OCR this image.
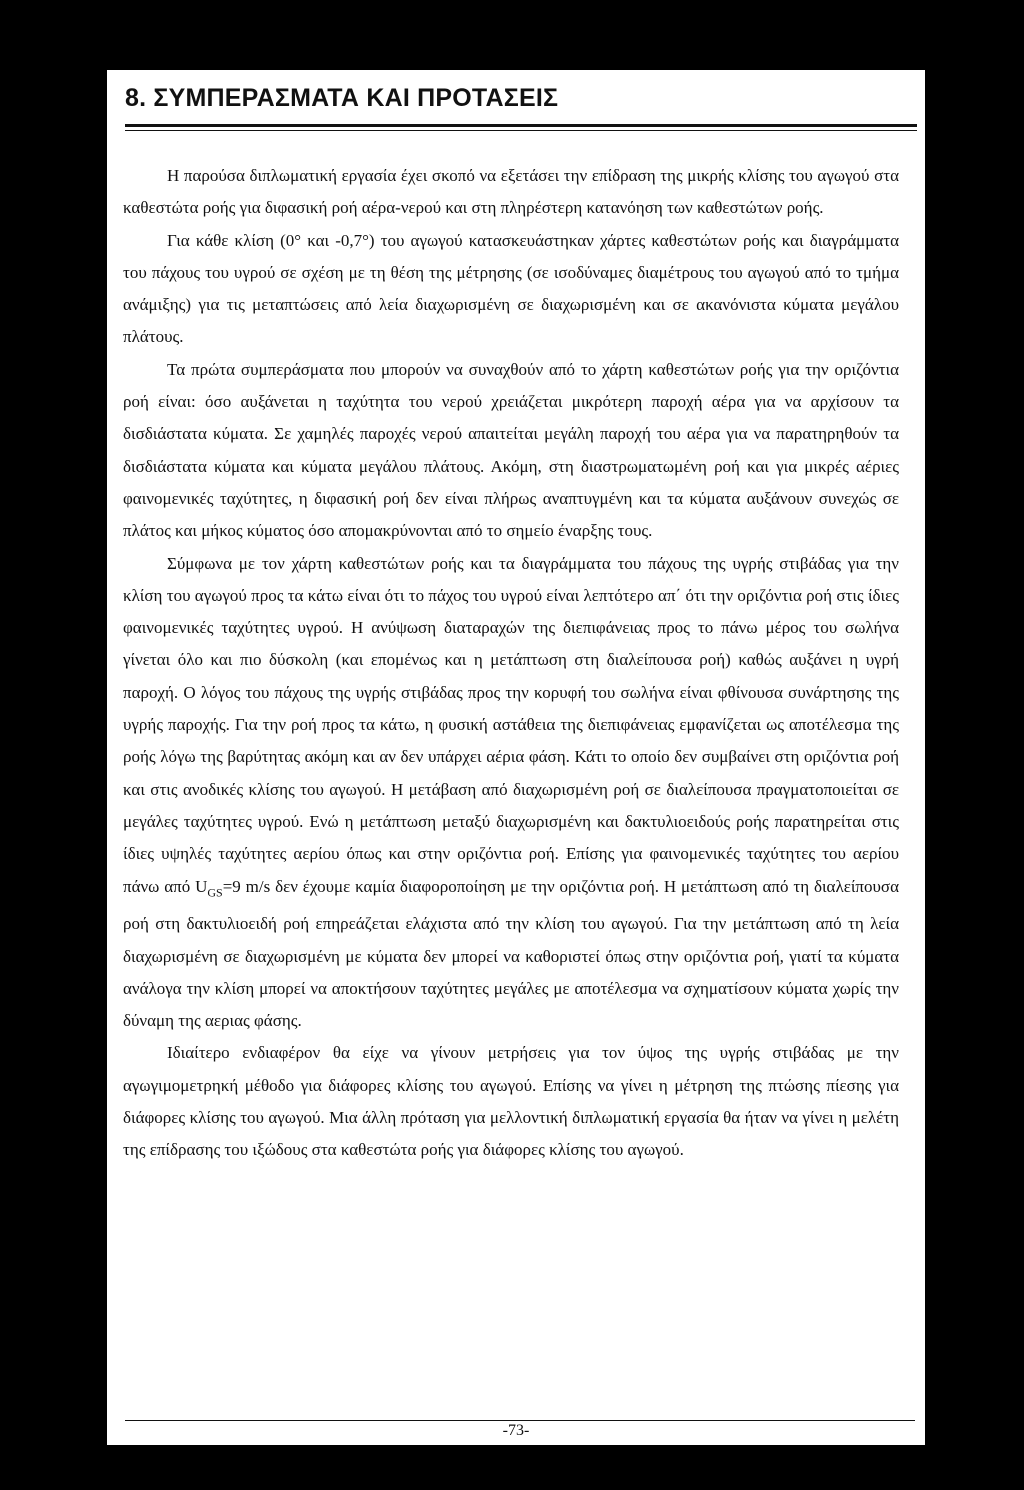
8. ΣΥΜΠΕΡΑΣΜΑΤΑ ΚΑΙ ΠΡΟΤΑΣΕΙΣ

Η παρούσα διπλωματική εργασία έχει σκοπό να εξετάσει την επίδραση της μικρής κλίσης του αγωγού στα καθεστώτα ροής για διφασική ροή αέρα-νερού και στη πληρέστερη κατανόηση των καθεστώτων ροής.

Για κάθε κλίση (0° και -0,7°) του αγωγού κατασκευάστηκαν χάρτες καθεστώτων ροής και διαγράμματα του πάχους του υγρού σε σχέση με τη θέση της μέτρησης (σε ισοδύναμες διαμέτρους του αγωγού από το τμήμα ανάμιξης) για τις μεταπτώσεις από λεία διαχωρισμένη σε διαχωρισμένη και σε ακανόνιστα κύματα μεγάλου πλάτους.

Τα πρώτα συμπεράσματα που μπορούν να συναχθούν από το χάρτη καθεστώτων ροής για την οριζόντια ροή είναι: όσο αυξάνεται η ταχύτητα του νερού χρειάζεται μικρότερη παροχή αέρα για να αρχίσουν τα δισδιάστατα κύματα. Σε χαμηλές παροχές νερού απαιτείται μεγάλη παροχή του αέρα για να παρατηρηθούν τα δισδιάστατα κύματα και κύματα μεγάλου πλάτους. Ακόμη, στη διαστρωματωμένη ροή και για μικρές αέριες φαινομενικές ταχύτητες, η διφασική ροή δεν είναι πλήρως αναπτυγμένη και τα κύματα αυξάνουν συνεχώς σε πλάτος και μήκος κύματος όσο απομακρύνονται από το σημείο έναρξης τους.

Σύμφωνα με τον χάρτη καθεστώτων ροής και τα διαγράμματα του πάχους της υγρής στιβάδας για την κλίση του αγωγού προς τα κάτω είναι ότι το πάχος του υγρού είναι λεπτότερο απ΄ ότι την οριζόντια ροή στις ίδιες φαινομενικές ταχύτητες υγρού. Η ανύψωση διαταραχών της διεπιφάνειας προς το πάνω μέρος του σωλήνα γίνεται όλο και πιο δύσκολη (και επομένως και η μετάπτωση στη διαλείπουσα ροή) καθώς αυξάνει η υγρή παροχή. Ο λόγος του πάχους της υγρής στιβάδας προς την κορυφή του σωλήνα είναι φθίνουσα συνάρτησης της υγρής παροχής. Για την ροή προς τα κάτω, η φυσική αστάθεια της διεπιφάνειας εμφανίζεται ως αποτέλεσμα της ροής λόγω της βαρύτητας ακόμη και αν δεν υπάρχει αέρια φάση. Κάτι το οποίο δεν συμβαίνει στη οριζόντια ροή και στις ανοδικές κλίσης του αγωγού. Η μετάβαση από διαχωρισμένη ροή σε διαλείπουσα πραγματοποιείται σε μεγάλες ταχύτητες υγρού. Ενώ η μετάπτωση μεταξύ διαχωρισμένη και δακτυλιοειδούς ροής παρατηρείται στις ίδιες υψηλές ταχύτητες αερίου όπως και στην οριζόντια ροή. Επίσης για φαινομενικές ταχύτητες του αερίου πάνω από $U_{GS}=9$ m/s δεν έχουμε καμία διαφοροποίηση με την οριζόντια ροή. Η μετάπτωση από τη διαλείπουσα ροή στη δακτυλιοειδή ροή επηρεάζεται ελάχιστα από την κλίση του αγωγού. Για την μετάπτωση από τη λεία διαχωρισμένη σε διαχωρισμένη με κύματα δεν μπορεί να καθοριστεί όπως στην οριζόντια ροή, γιατί τα κύματα ανάλογα την κλίση μπορεί να αποκτήσουν ταχύτητες μεγάλες με αποτέλεσμα να σχηματίσουν κύματα χωρίς την δύναμη της αεριας φάσης.

Ιδιαίτερο ενδιαφέρον θα είχε να γίνουν μετρήσεις για τον ύψος της υγρής στιβάδας με την αγωγιμομετρηκή μέθοδο για διάφορες κλίσης του αγωγού. Επίσης να γίνει η μέτρηση της πτώσης πίεσης για διάφορες κλίσης του αγωγού. Μια άλλη πρόταση για μελλοντική διπλωματική εργασία θα ήταν να γίνει η μελέτη της επίδρασης του ιξώδους στα καθεστώτα ροής για διάφορες κλίσης του αγωγού.

-73-
